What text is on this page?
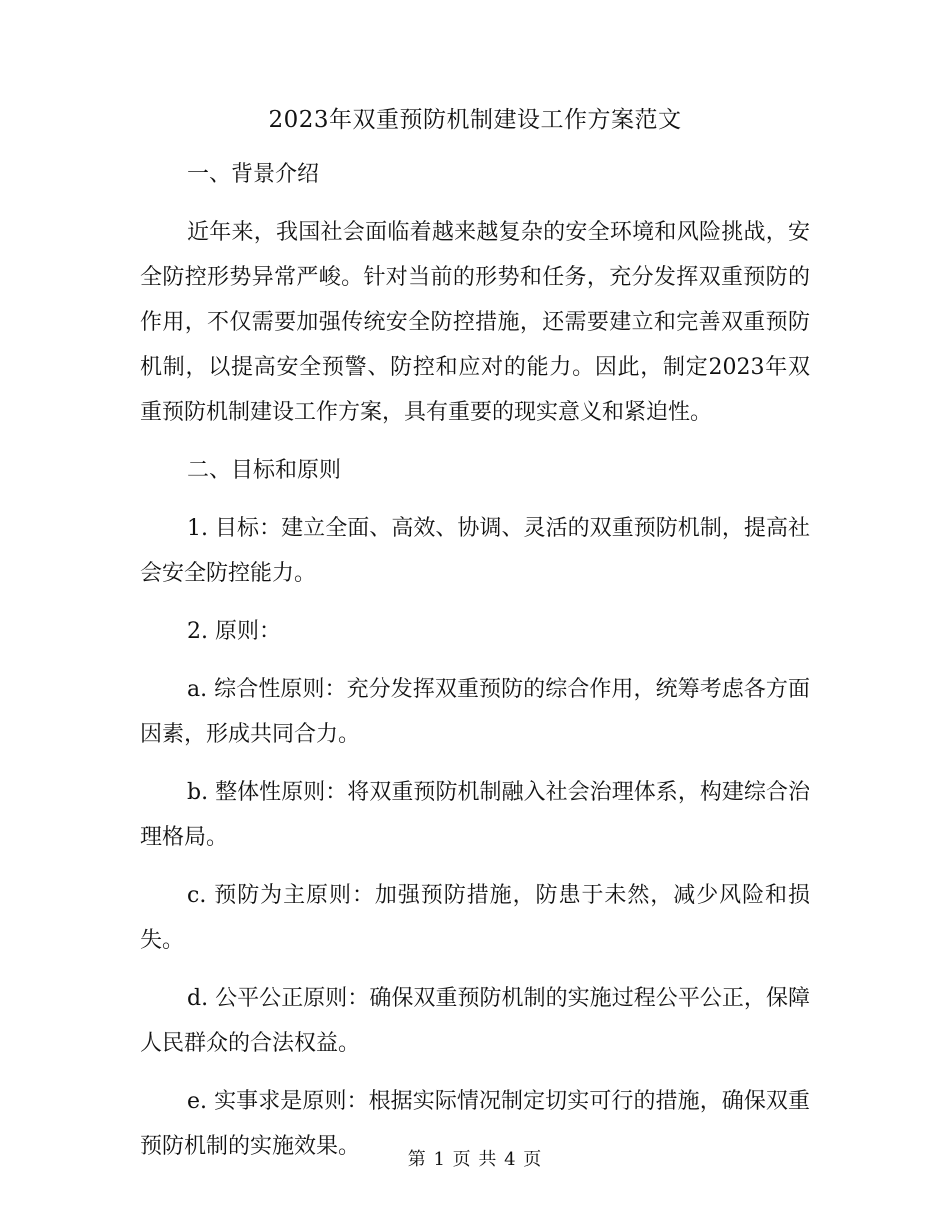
2023年双重预防机制建设工作方案范文

一、背景介绍

近年来，我国社会面临着越来越复杂的安全环境和风险挑战，安全防控形势异常严峻。针对当前的形势和任务，充分发挥双重预防的作用，不仅需要加强传统安全防控措施，还需要建立和完善双重预防机制，以提高安全预警、防控和应对的能力。因此，制定2023年双重预防机制建设工作方案，具有重要的现实意义和紧迫性。

二、目标和原则

1. 目标：建立全面、高效、协调、灵活的双重预防机制，提高社会安全防控能力。

2. 原则：

a. 综合性原则：充分发挥双重预防的综合作用，统筹考虑各方面因素，形成共同合力。

b. 整体性原则：将双重预防机制融入社会治理体系，构建综合治理格局。

c. 预防为主原则：加强预防措施，防患于未然，减少风险和损失。

d. 公平公正原则：确保双重预防机制的实施过程公平公正，保障人民群众的合法权益。

e. 实事求是原则：根据实际情况制定切实可行的措施，确保双重预防机制的实施效果。

第 1 页 共 4 页
